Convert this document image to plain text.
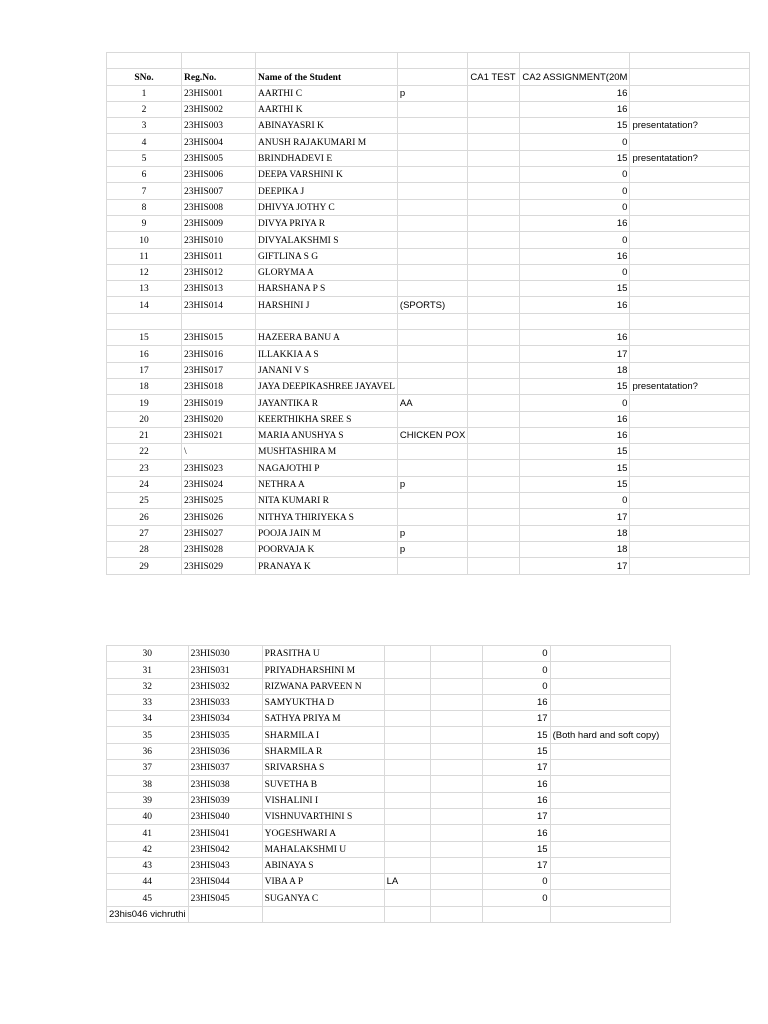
SNo.	Reg.No.	Name of the Student		CA1 TEST	CA2 ASSIGNMENT(20M	
1	23HIS001	AARTHI C	p		16	
2	23HIS002	AARTHI K			16	
3	23HIS003	ABINAYASRI K			15	presentatation?
4	23HIS004	ANUSH RAJAKUMARI M			0	
5	23HIS005	BRINDHADEVI E			15	presentatation?
6	23HIS006	DEEPA VARSHINI K			0	
7	23HIS007	DEEPIKA J			0	
8	23HIS008	DHIVYA JOTHY C			0	
9	23HIS009	DIVYA PRIYA R			16	
10	23HIS010	DIVYALAKSHMI S			0	
11	23HIS011	GIFTLINA S G			16	
12	23HIS012	GLORYMA A			0	
13	23HIS013	HARSHANA P S			15	
14	23HIS014	HARSHINI J	(SPORTS)		16	

15	23HIS015	HAZEERA BANU A			16	
16	23HIS016	ILLAKKIA A S			17	
17	23HIS017	JANANI V S			18	
18	23HIS018	JAYA DEEPIKASHREE JAYAVEL			15	presentatation?
19	23HIS019	JAYANTIKA R	AA		0	
20	23HIS020	KEERTHIKHA SREE S			16	
21	23HIS021	MARIA ANUSHYA S	CHICKEN POX		16	
22	\	MUSHTASHIRA M			15	
23	23HIS023	NAGAJOTHI P			15	
24	23HIS024	NETHRA A	p		15	
25	23HIS025	NITA KUMARI R			0	
26	23HIS026	NITHYA THIRIYEKA S			17	
27	23HIS027	POOJA JAIN M	p		18	
28	23HIS028	POORVAJA K	p		18	
29	23HIS029	PRANAYA K			17	
30	23HIS030	PRASITHA U			0	
31	23HIS031	PRIYADHARSHINI M			0	
32	23HIS032	RIZWANA PARVEEN N			0	
33	23HIS033	SAMYUKTHA D			16	
34	23HIS034	SATHYA PRIYA M			17	
35	23HIS035	SHARMILA I			15	(Both hard and soft copy)
36	23HIS036	SHARMILA R			15	
37	23HIS037	SRIVARSHA S			17	
38	23HIS038	SUVETHA B			16	
39	23HIS039	VISHALINI I			16	
40	23HIS040	VISHNUVARTHINI S			17	
41	23HIS041	YOGESHWARI A			16	
42	23HIS042	MAHALAKSHMI U			15	
43	23HIS043	ABINAYA S			17	
44	23HIS044	VIBA A P	LA		0	
45	23HIS045	SUGANYA C			0	
23his046 vichruthi						
